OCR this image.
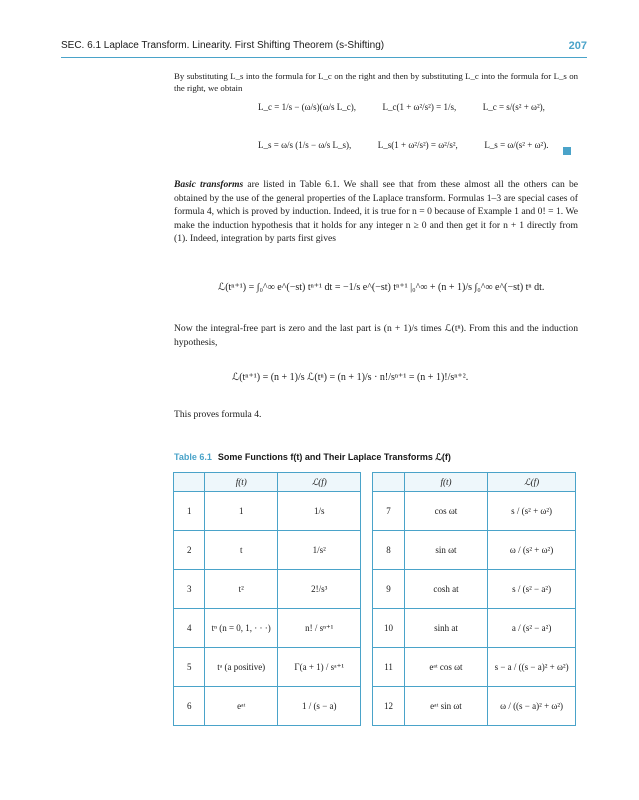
SEC. 6.1 Laplace Transform. Linearity. First Shifting Theorem (s-Shifting)	207
By substituting L_s into the formula for L_c on the right and then by substituting L_c into the formula for L_s on the right, we obtain
L_c = 1/s − (ω/s)(ω/s L_c),	L_c(1 + ω²/s²) = 1/s,	L_c = s/(s² + ω²),
L_s = ω/s (1/s − ω/s L_s),	L_s(1 + ω²/s²) = ω²/s²,	L_s = ω/(s² + ω²).
Basic transforms are listed in Table 6.1. We shall see that from these almost all the others can be obtained by the use of the general properties of the Laplace transform. Formulas 1–3 are special cases of formula 4, which is proved by induction. Indeed, it is true for n = 0 because of Example 1 and 0! = 1. We make the induction hypothesis that it holds for any integer n ≥ 0 and then get it for n + 1 directly from (1). Indeed, integration by parts first gives
ℒ(tⁿ⁺¹) = ∫₀^∞ e^(−st) tⁿ⁺¹ dt = −1/s e^(−st) tⁿ⁺¹ |₀^∞ + (n + 1)/s ∫₀^∞ e^(−st) tⁿ dt.
Now the integral-free part is zero and the last part is (n + 1)/s times ℒ(tⁿ). From this and the induction hypothesis,
ℒ(tⁿ⁺¹) = (n + 1)/s ℒ(tⁿ) = (n + 1)/s · n!/sⁿ⁺¹ = (n + 1)!/sⁿ⁺².
This proves formula 4.
Table 6.1 Some Functions f(t) and Their Laplace Transforms ℒ(f)
	f(t)	ℒ(f)			f(t)	ℒ(f)
1	1	1/s		7	cos ωt	s / (s² + ω²)
2	t	1/s²		8	sin ωt	ω / (s² + ω²)
3	t²	2!/s³		9	cosh at	s / (s² − a²)
4	tⁿ (n = 0, 1, · · ·)	n! / sⁿ⁺¹		10	sinh at	a / (s² − a²)
5	tᵃ (a positive)	Γ(a + 1) / sᵃ⁺¹		11	eᵃᵗ cos ωt	s − a / ((s − a)² + ω²)
6	eᵃᵗ	1 / (s − a)		12	eᵃᵗ sin ωt	ω / ((s − a)² + ω²)
